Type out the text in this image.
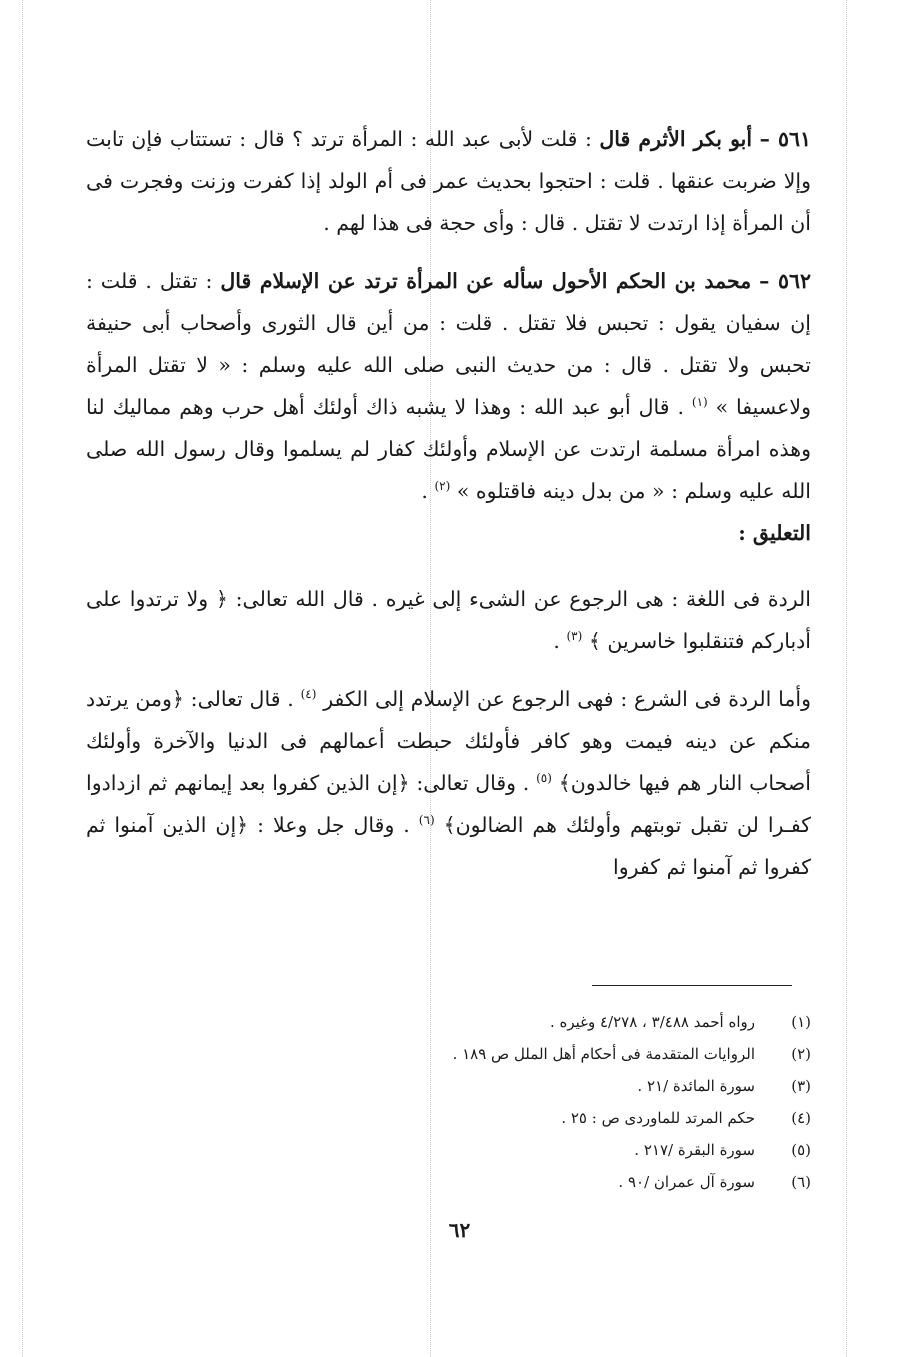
٥٦١ – أبو بكر الأثرم قال : قلت لأبى عبد الله : المرأة ترتد ؟ قال : تستتاب فإن تابت وإلا ضربت عنقها . قلت : احتجوا بحديث عمر فى أم الولد إذا كفرت وزنت وفجرت فى أن المرأة إذا ارتدت لا تقتل . قال : وأى حجة فى هذا لهم .

٥٦٢ – محمد بن الحكم الأحول سأله عن المرأة ترتد عن الإسلام قال : تقتل . قلت : إن سفيان يقول : تحبس فلا تقتل . قلت : من أين قال الثورى وأصحاب أبى حنيفة تحبس ولا تقتل . قال : من حديث النبى صلى الله عليه وسلم : « لا تقتل المرأة ولاعسيفا » $^{(١)}$ . قال أبو عبد الله : وهذا لا يشبه ذاك أولئك أهل حرب وهم مماليك لنا وهذه امرأة مسلمة ارتدت عن الإسلام وأولئك كفار لم يسلموا وقال رسول الله صلى الله عليه وسلم : « من بدل دينه فاقتلوه » $^{(٢)}$ .

التعليق :

الردة فى اللغة : هى الرجوع عن الشىء إلى غيره . قال الله تعالى: ﴿ ولا ترتدوا على أدباركم فتنقلبوا خاسرين ﴾ $^{(٣)}$ .

وأما الردة فى الشرع : فهى الرجوع عن الإسلام إلى الكفر $^{(٤)}$ . قال تعالى: ﴿ومن يرتدد منكم عن دينه فيمت وهو كافر فأولئك حبطت أعمالهم فى الدنيا والآخرة وأولئك أصحاب النار هم فيها خالدون﴾ $^{(٥)}$ . وقال تعالى: ﴿إن الذين كفروا بعد إيمانهم ثم ازدادوا كفـرا لن تقبل توبتهم وأولئك هم الضالون﴾ $^{(٦)}$ . وقال جل وعلا : ﴿إن الذين آمنوا ثم كفروا ثم آمنوا ثم كفروا

(١)
رواه أحمد ٣/٤٨٨ ، ٤/٢٧٨ وغيره .
(٢)
الروايات المتقدمة فى أحكام أهل الملل ص ١٨٩ .
(٣)
سورة المائدة /٢١ .
(٤)
حكم المرتد للماوردى ص : ٢٥ .
(٥)
سورة البقرة /٢١٧ .
(٦)
سورة آل عمران /٩٠ .
٦٢
